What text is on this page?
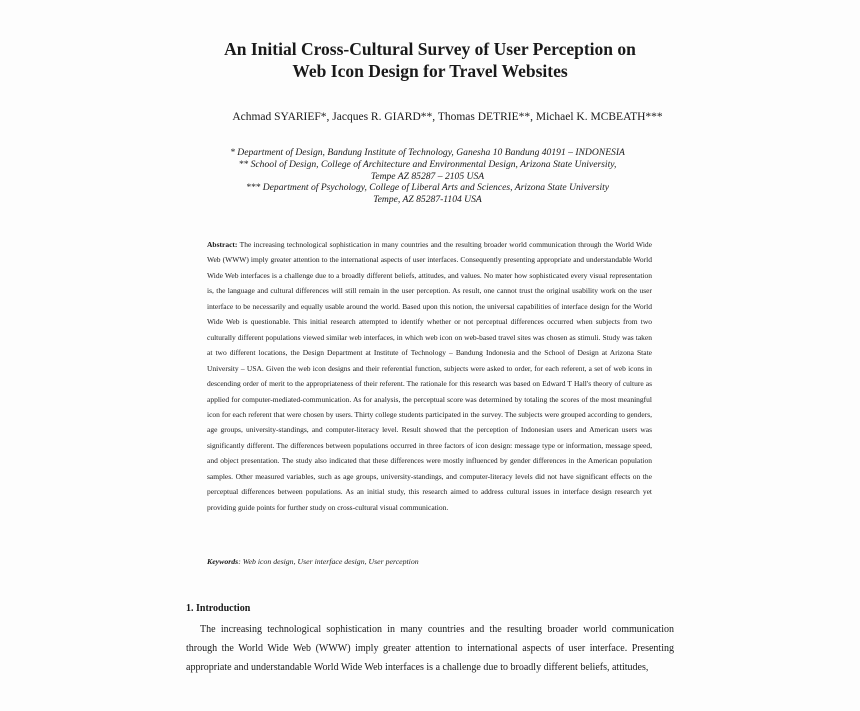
An Initial Cross-Cultural Survey of User Perception on
Web Icon Design for Travel Websites
Achmad SYARIEF*, Jacques R. GIARD**, Thomas DETRIE**, Michael K. MCBEATH***
* Department of Design, Bandung Institute of Technology, Ganesha 10 Bandung 40191 – INDONESIA
** School of Design, College of Architecture and Environmental Design, Arizona State University,
Tempe AZ 85287 – 2105 USA
*** Department of Psychology, College of Liberal Arts and Sciences, Arizona State University
Tempe, AZ 85287-1104 USA
Abstract: The increasing technological sophistication in many countries and the resulting broader world communication through the World Wide Web (WWW) imply greater attention to the international aspects of user interfaces. Consequently presenting appropriate and understandable World Wide Web interfaces is a challenge due to a broadly different beliefs, attitudes, and values. No mater how sophisticated every visual representation is, the language and cultural differences will still remain in the user perception. As result, one cannot trust the original usability work on the user interface to be necessarily and equally usable around the world. Based upon this notion, the universal capabilities of interface design for the World Wide Web is questionable. This initial research attempted to identify whether or not perceptual differences occurred when subjects from two culturally different populations viewed similar web interfaces, in which web icon on web-based travel sites was chosen as stimuli. Study was taken at two different locations, the Design Department at Institute of Technology – Bandung Indonesia and the School of Design at Arizona State University – USA. Given the web icon designs and their referential function, subjects were asked to order, for each referent, a set of web icons in descending order of merit to the appropriateness of their referent. The rationale for this research was based on Edward T Hall's theory of culture as applied for computer-mediated-communication. As for analysis, the perceptual score was determined by totaling the scores of the most meaningful icon for each referent that were chosen by users. Thirty college students participated in the survey. The subjects were grouped according to genders, age groups, university-standings, and computer-literacy level. Result showed that the perception of Indonesian users and American users was significantly different. The differences between populations occurred in three factors of icon design: message type or information, message speed, and object presentation. The study also indicated that these differences were mostly influenced by gender differences in the American population samples. Other measured variables, such as age groups, university-standings, and computer-literacy levels did not have significant effects on the perceptual differences between populations. As an initial study, this research aimed to address cultural issues in interface design research yet providing guide points for further study on cross-cultural visual communication.
Keywords: Web icon design, User interface design, User perception
1. Introduction
The increasing technological sophistication in many countries and the resulting broader world communication through the World Wide Web (WWW) imply greater attention to international aspects of user interface. Presenting appropriate and understandable World Wide Web interfaces is a challenge due to broadly different beliefs, attitudes,
